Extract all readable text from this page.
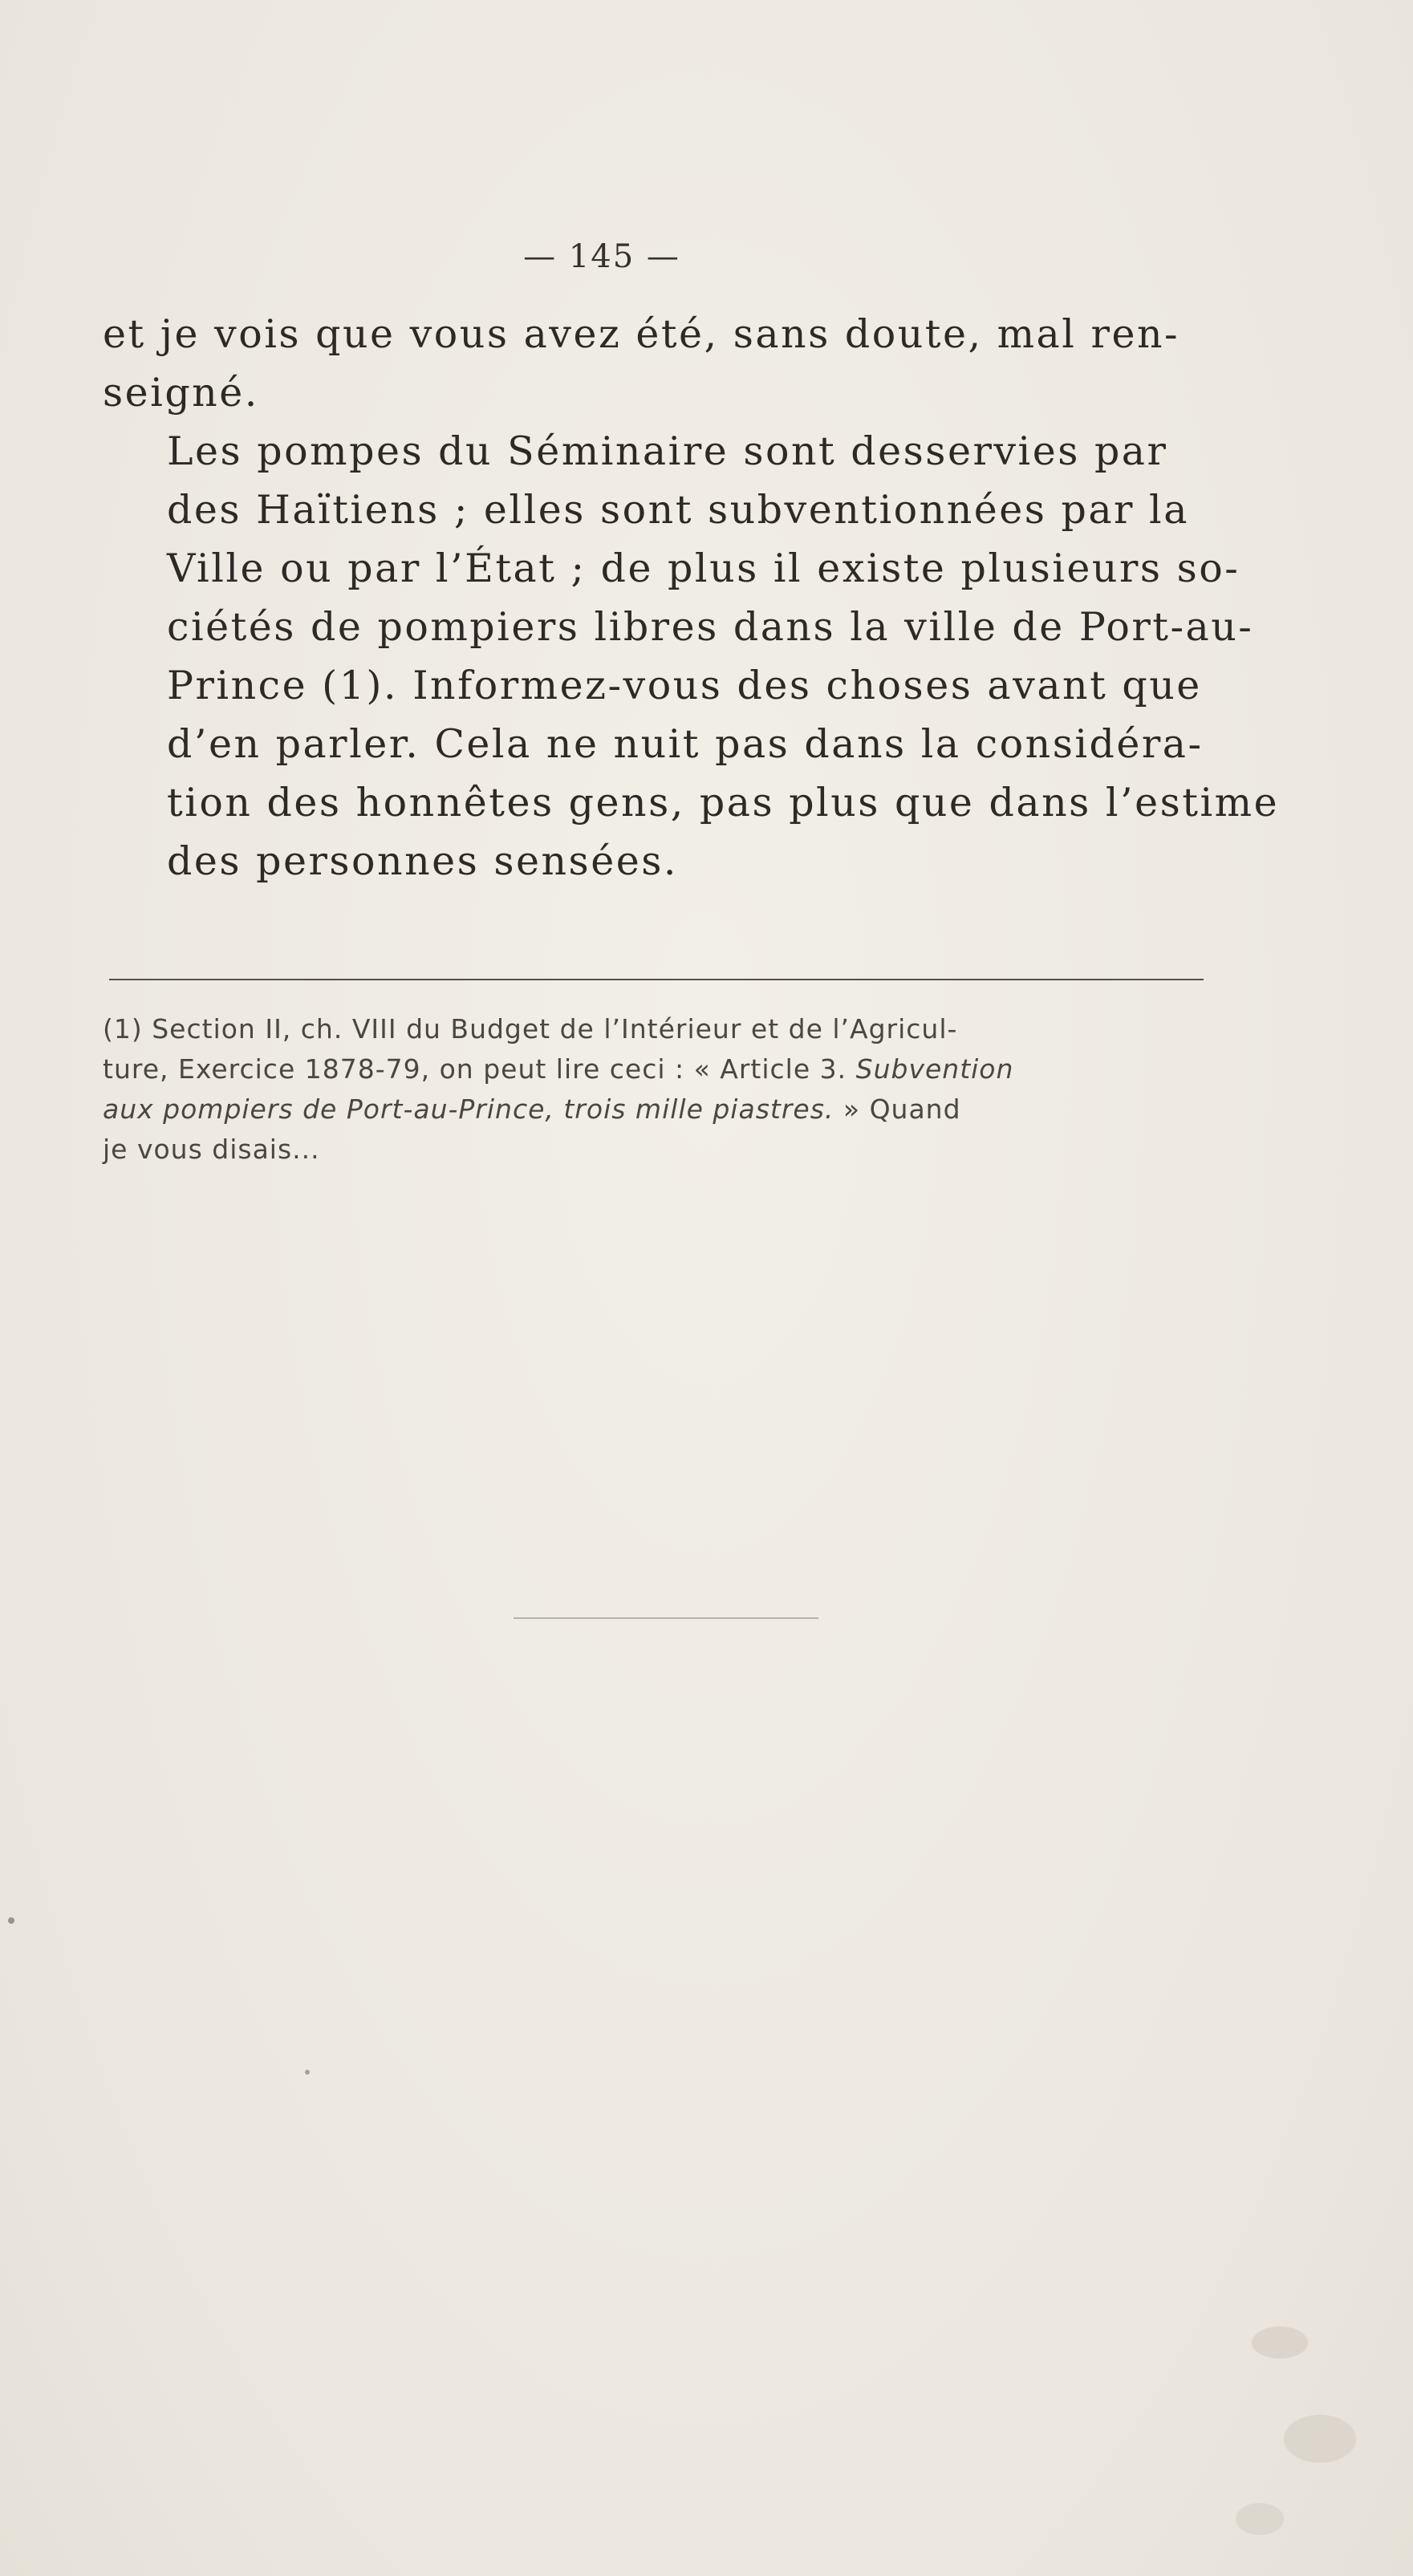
— 145 —

et je vois que vous avez été, sans doute, mal ren-
seigné.

Les pompes du Séminaire sont desservies par
des Haïtiens ; elles sont subventionnées par la
Ville ou par l’État ; de plus il existe plusieurs so-
ciétés de pompiers libres dans la ville de Port-au-
Prince (1). Informez-vous des choses avant que
d’en parler. Cela ne nuit pas dans la considéra-
tion des honnêtes gens, pas plus que dans l’estime
des personnes sensées.

(1) Section II, ch. VIII du Budget de l’Intérieur et de l’Agricul-
ture, Exercice 1878-79, on peut lire ceci : « Article 3. Subvention
aux pompiers de Port-au-Prince, trois mille piastres. » Quand
je vous disais...
